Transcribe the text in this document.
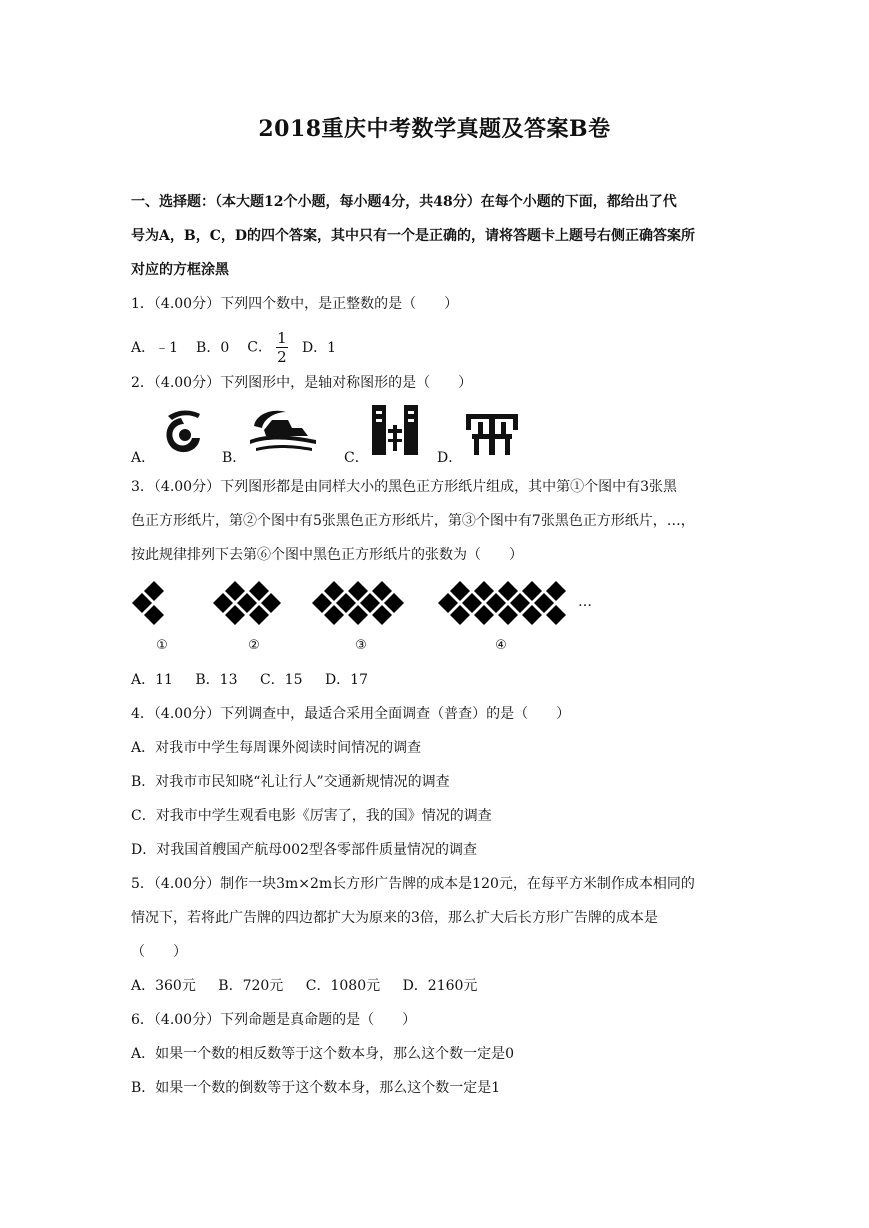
2018重庆中考数学真题及答案B卷
一、选择题：（本大题12个小题，每小题4分，共48分）在每个小题的下面，都给出了代
号为A，B，C，D的四个答案，其中只有一个是正确的，请将答题卡上题号右侧正确答案所
对应的方框涂黑
1．（4.00分）下列四个数中，是正整数的是（　　）
A．﹣1 B．0 C． $\frac{1}{2}$ D．1
2．（4.00分）下列图形中，是轴对称图形的是（　　）
A．	B．	C．	D．
3．（4.00分）下列图形都是由同样大小的黑色正方形纸片组成，其中第①个图中有3张黑
色正方形纸片，第②个图中有5张黑色正方形纸片，第③个图中有7张黑色正方形纸片，…，
按此规律排列下去第⑥个图中黑色正方形纸片的张数为（　　）
…
①	②	③	④
A．11 B．13 C．15 D．17
4．（4.00分）下列调查中，最适合采用全面调查（普查）的是（　　）
A．对我市中学生每周课外阅读时间情况的调查
B．对我市市民知晓“礼让行人”交通新规情况的调查
C．对我市中学生观看电影《厉害了，我的国》情况的调查
D．对我国首艘国产航母002型各零部件质量情况的调查
5．（4.00分）制作一块3m×2m长方形广告牌的成本是120元，在每平方米制作成本相同的
情况下，若将此广告牌的四边都扩大为原来的3倍，那么扩大后长方形广告牌的成本是
（　　）
A．360元 B．720元 C．1080元 D．2160元
6．（4.00分）下列命题是真命题的是（　　）
A．如果一个数的相反数等于这个数本身，那么这个数一定是0
B．如果一个数的倒数等于这个数本身，那么这个数一定是1
